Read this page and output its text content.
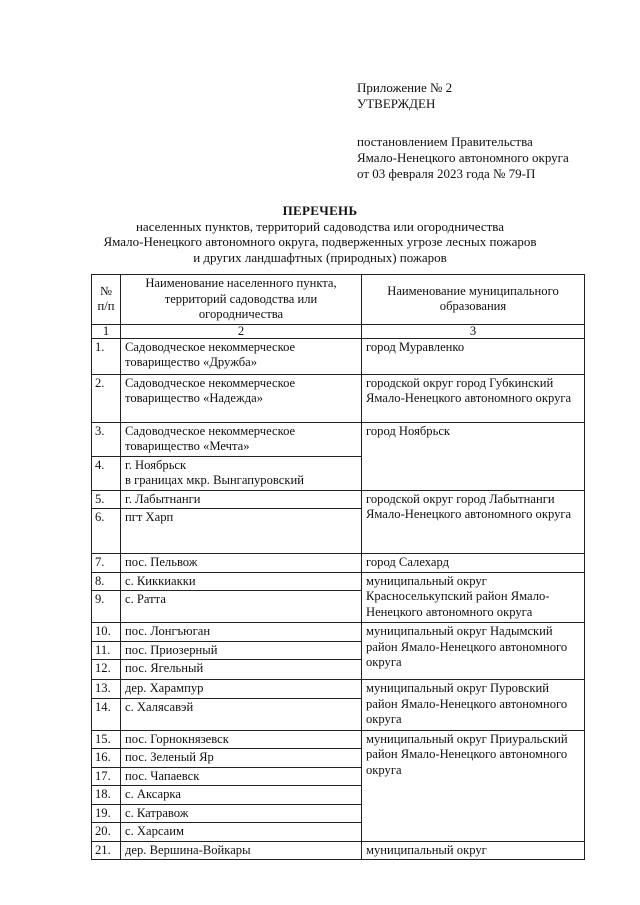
Приложение № 2
УТВЕРЖДЕН
постановлением Правительства
Ямало-Ненецкого автономного округа
от 03 февраля 2023 года № 79-П
ПЕРЕЧЕНЬ
населенных пунктов, территорий садоводства или огородничества
Ямало-Ненецкого автономного округа, подверженных угрозе лесных пожаров
и других ландшафтных (природных) пожаров
№ п/п	Наименование населенного пункта, территорий садоводства или огородничества	Наименование муниципального образования
1	2	3
1.	Садоводческое некоммерческое товарищество «Дружба»	город Муравленко
2.	Садоводческое некоммерческое товарищество «Надежда»	городской округ город Губкинский Ямало-Ненецкого автономного округа
3.	Садоводческое некоммерческое товарищество «Мечта»	город Ноябрьск
4.	г. Ноябрьск
в границах мкр. Вынгапуровский	

5.	г. Лабытнанги	городской округ город Лабытнанги Ямало-Ненецкого автономного округа
6.	пгт Харп	
7.	пос. Пельвож	город Салехард
8.	с. Киккиакки	муниципальный округ Красноселькупский район Ямало-Ненецкого автономного округа
9.	с. Ратта	
10.	пос. Лонгъюган	муниципальный округ Надымский район Ямало-Ненецкого автономного округа
11.	пос. Приозерный	
12.	пос. Ягельный	
13.	дер. Харампур	муниципальный округ Пуровский район Ямало-Ненецкого автономного округа
14.	с. Халясавэй	
15.	пос. Горнокнязевск	муниципальный округ Приуральский район Ямало-Ненецкого автономного округа
16.	пос. Зеленый Яр	
17.	пос. Чапаевск	
18.	с. Аксарка	
19.	с. Катравож	
20.	с. Харсаим	
21.	дер. Вершина-Войкары	муниципальный округ
